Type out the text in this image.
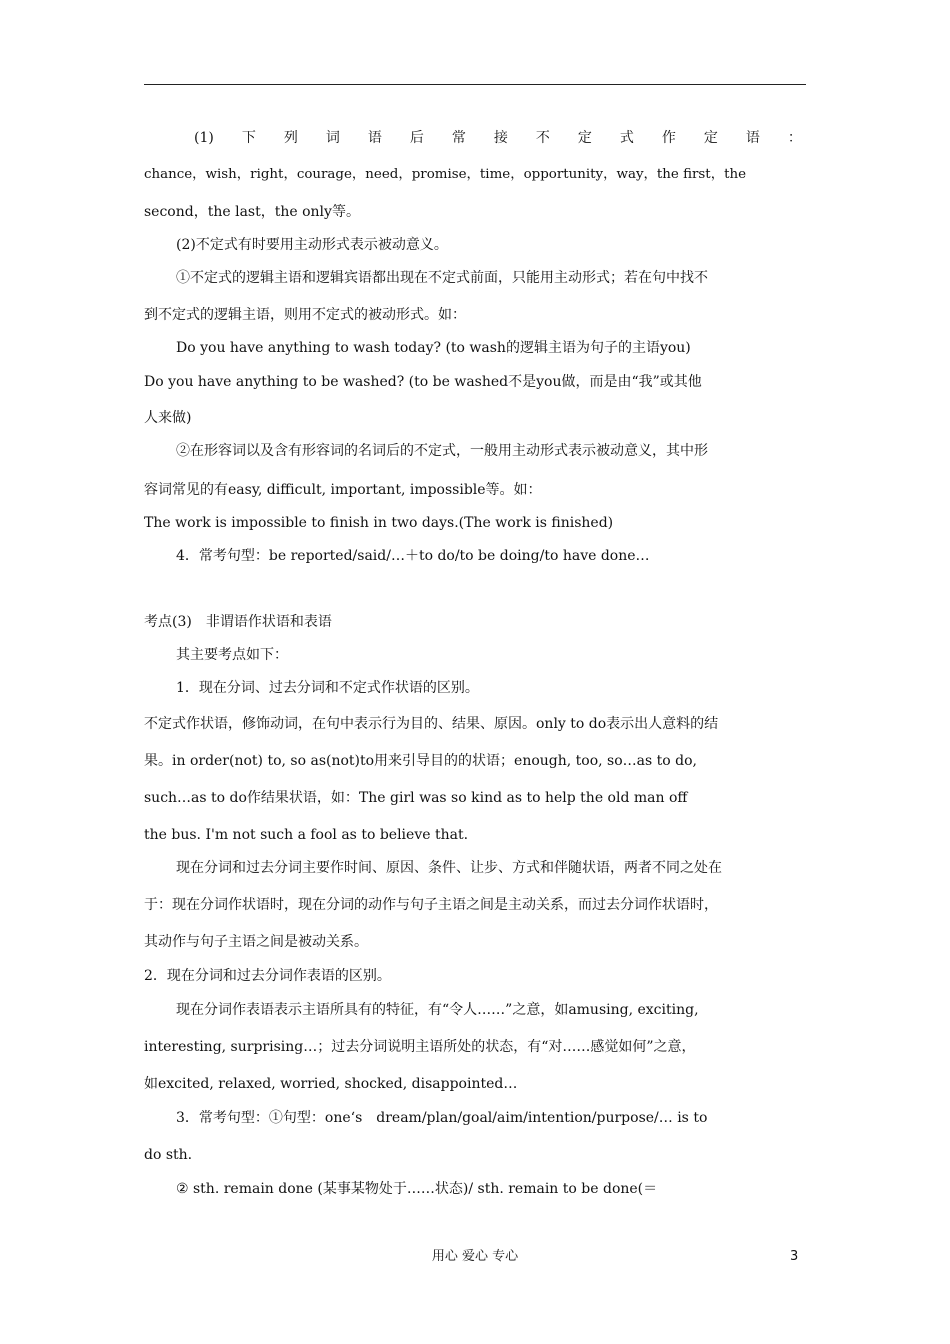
(1) 下 列 词 语 后 常 接 不 定 式 作 定 语 ：
chance，wish，right，courage，need，promise，time，opportunity，way，the first，the
second，the last，the only等。
(2)不定式有时要用主动形式表示被动意义。
①不定式的逻辑主语和逻辑宾语都出现在不定式前面，只能用主动形式；若在句中找不
到不定式的逻辑主语，则用不定式的被动形式。如：
Do you have anything to wash today? (to wash的逻辑主语为句子的主语you)
Do you have anything to be washed? (to be washed不是you做，而是由“我”或其他
人来做)
②在形容词以及含有形容词的名词后的不定式，一般用主动形式表示被动意义，其中形
容词常见的有easy, difficult, important, impossible等。如：
The work is impossible to finish in two days.(The work is finished)
4．常考句型：be reported/said/…＋to do/to be doing/to have done…
考点(3)　非谓语作状语和表语
其主要考点如下：
1．现在分词、过去分词和不定式作状语的区别。
不定式作状语，修饰动词，在句中表示行为目的、结果、原因。only to do表示出人意料的结
果。in order(not) to, so as(not)to用来引导目的的状语；enough, too, so…as to do,
such…as to do作结果状语，如：The girl was so kind as to help the old man off
the bus. I'm not such a fool as to believe that.
现在分词和过去分词主要作时间、原因、条件、让步、方式和伴随状语，两者不同之处在
于：现在分词作状语时，现在分词的动作与句子主语之间是主动关系，而过去分词作状语时，
其动作与句子主语之间是被动关系。
2．现在分词和过去分词作表语的区别。
现在分词作表语表示主语所具有的特征，有“令人……”之意，如amusing, exciting,
interesting, surprising…；过去分词说明主语所处的状态，有“对……感觉如何”之意，
如excited, relaxed, worried, shocked, disappointed…
3．常考句型：①句型：one‘s　dream/plan/goal/aim/intention/purpose/… is to
do sth.
② sth. remain done (某事某物处于……状态)/ sth. remain to be done(＝
用心 爱心 专心	3
